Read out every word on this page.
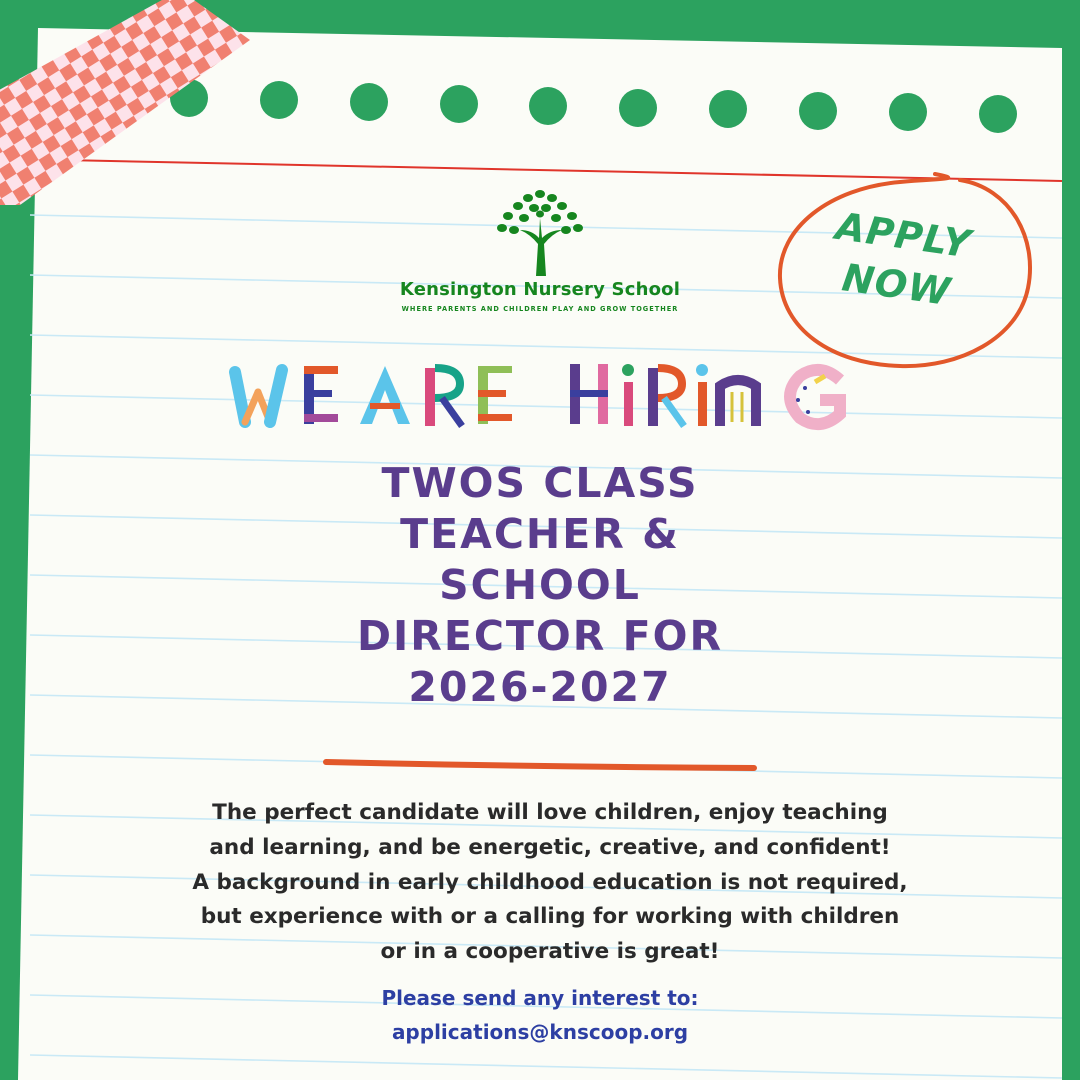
Kensington Nursery School
WHERE PARENTS AND CHILDREN PLAY AND GROW TOGETHER
APPLY
NOW
TWOS CLASS
TEACHER &
SCHOOL
DIRECTOR FOR
2026-2027
The perfect candidate will love children, enjoy teaching
and learning, and be energetic, creative, and confident!
A background in early childhood education is not required,
but experience with or a calling for working with children
or in a cooperative is great!
Please send any interest to:
applications@knscoop.org
